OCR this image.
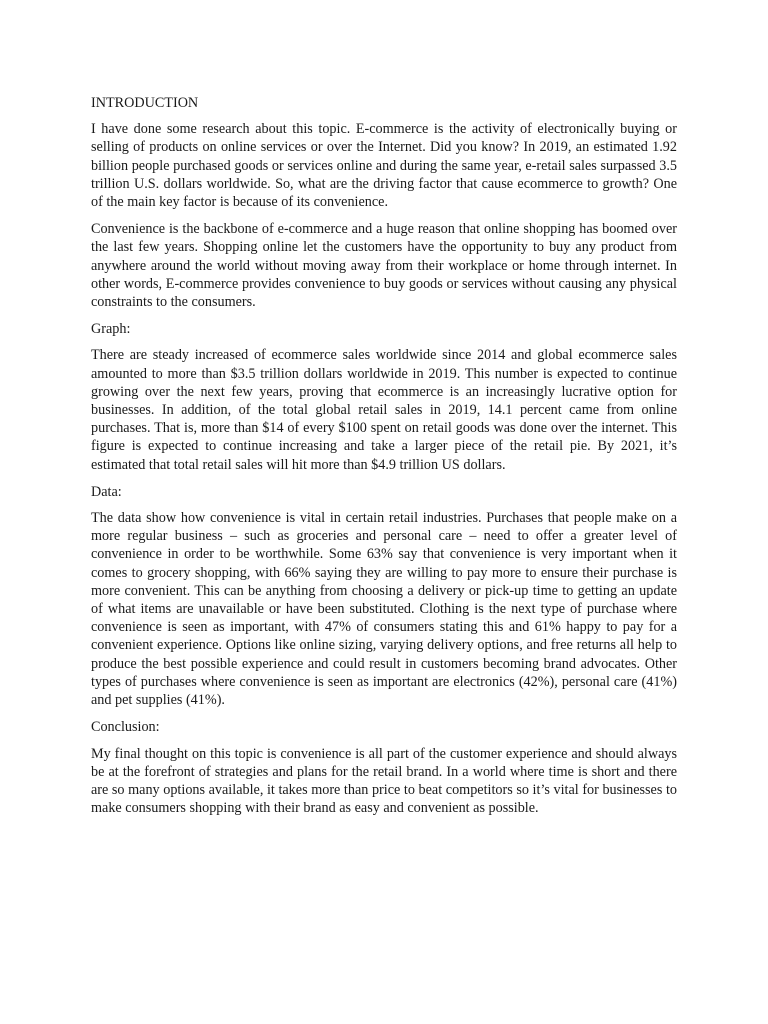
INTRODUCTION

I have done some research about this topic. E-commerce is the activity of electronically buying or selling of products on online services or over the Internet. Did you know? In 2019, an estimated 1.92 billion people purchased goods or services online and during the same year, e-retail sales surpassed 3.5 trillion U.S. dollars worldwide. So, what are the driving factor that cause ecommerce to growth? One of the main key factor is because of its convenience.

Convenience is the backbone of e-commerce and a huge reason that online shopping has boomed over the last few years. Shopping online let the customers have the opportunity to buy any product from anywhere around the world without moving away from their workplace or home through internet. In other words, E-commerce provides convenience to buy goods or services without causing any physical constraints to the consumers.

Graph:

There are steady increased of ecommerce sales worldwide since 2014 and global ecommerce sales amounted to more than $3.5 trillion dollars worldwide in 2019. This number is expected to continue growing over the next few years, proving that ecommerce is an increasingly lucrative option for businesses. In addition, of the total global retail sales in 2019, 14.1 percent came from online purchases. That is, more than $14 of every $100 spent on retail goods was done over the internet. This figure is expected to continue increasing and take a larger piece of the retail pie. By 2021, it’s estimated that total retail sales will hit more than $4.9 trillion US dollars.

Data:

The data show how convenience is vital in certain retail industries. Purchases that people make on a more regular business – such as groceries and personal care – need to offer a greater level of convenience in order to be worthwhile. Some 63% say that convenience is very important when it comes to grocery shopping, with 66% saying they are willing to pay more to ensure their purchase is more convenient. This can be anything from choosing a delivery or pick-up time to getting an update of what items are unavailable or have been substituted. Clothing is the next type of purchase where convenience is seen as important, with 47% of consumers stating this and 61% happy to pay for a convenient experience. Options like online sizing, varying delivery options, and free returns all help to produce the best possible experience and could result in customers becoming brand advocates. Other types of purchases where convenience is seen as important are electronics (42%), personal care (41%) and pet supplies (41%).

Conclusion:

My final thought on this topic is convenience is all part of the customer experience and should always be at the forefront of strategies and plans for the retail brand. In a world where time is short and there are so many options available, it takes more than price to beat competitors so it’s vital for businesses to make consumers shopping with their brand as easy and convenient as possible.
